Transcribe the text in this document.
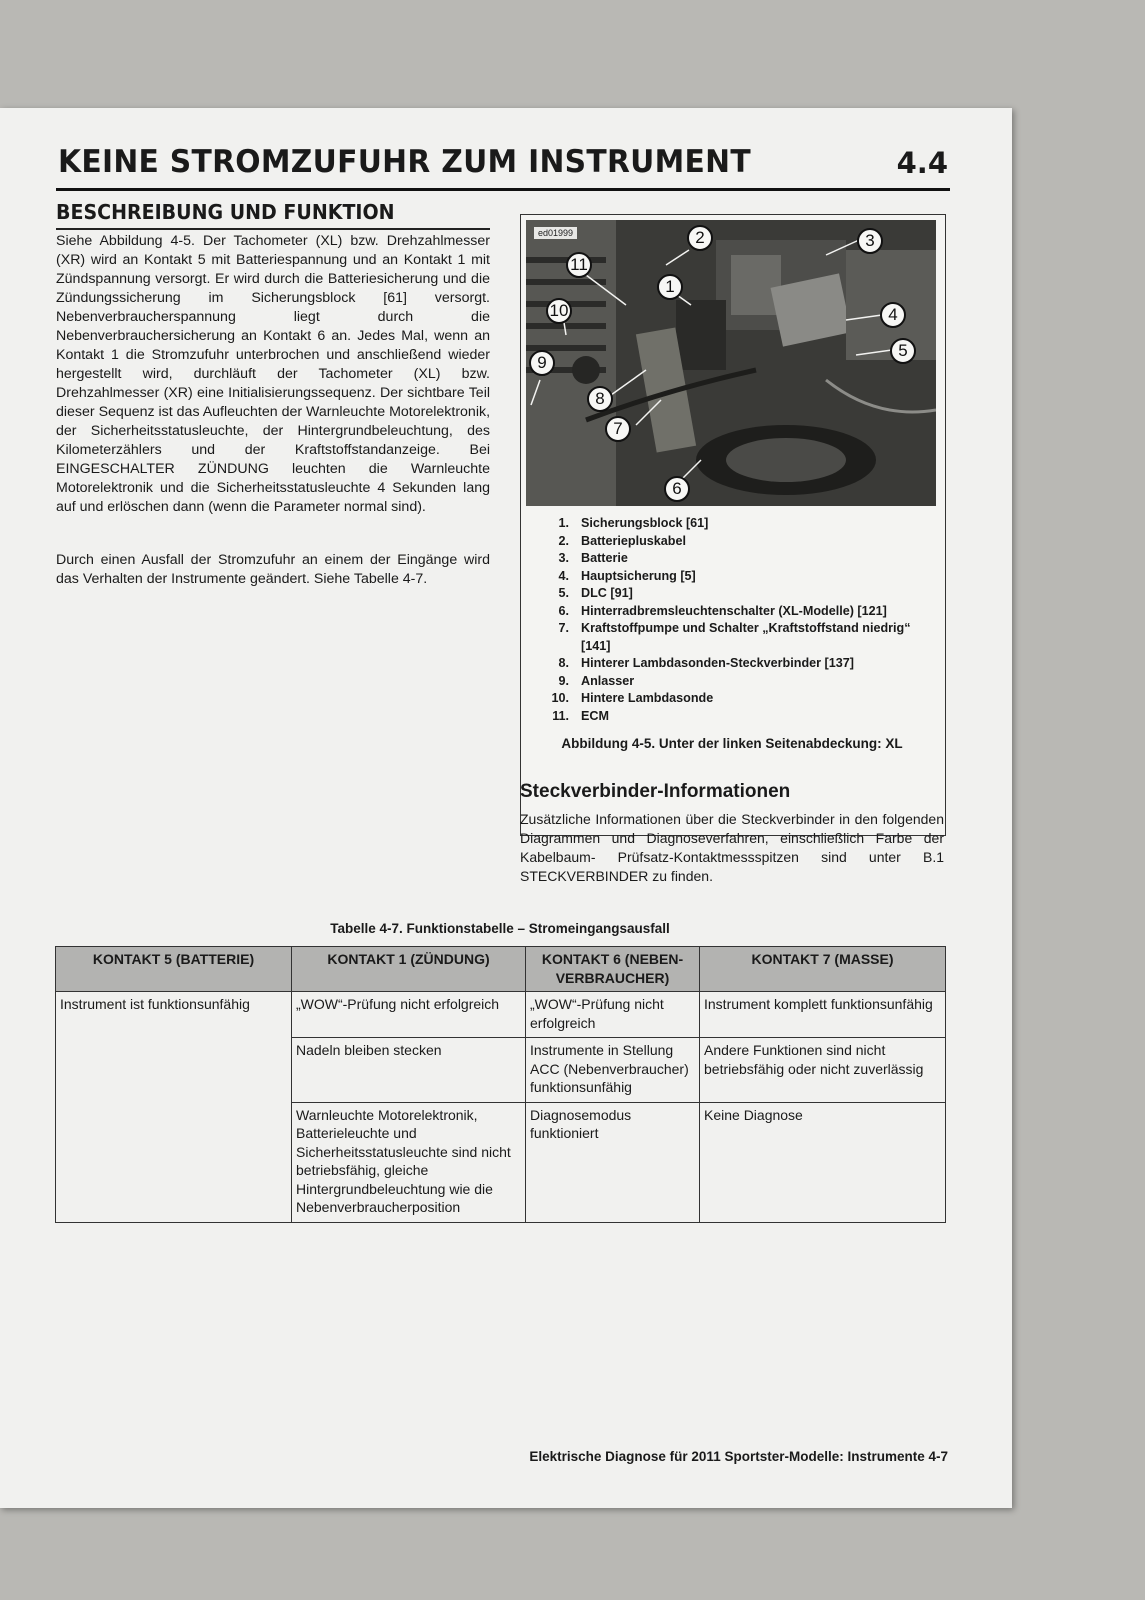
KEINE STROMZUFUHR ZUM INSTRUMENT	4.4
BESCHREIBUNG UND FUNKTION
Siehe Abbildung 4-5. Der Tachometer (XL) bzw. Drehzahlmesser (XR) wird an Kontakt 5 mit Batteriespannung und an Kontakt 1 mit Zündspannung versorgt. Er wird durch die Batteriesicherung und die Zündungssicherung im Sicherungsblock [61] versorgt. Nebenverbraucherspannung liegt durch die Nebenverbrauchersicherung an Kontakt 6 an. Jedes Mal, wenn an Kontakt 1 die Stromzufuhr unterbrochen und anschließend wieder hergestellt wird, durchläuft der Tachometer (XL) bzw. Drehzahlmesser (XR) eine Initialisierungssequenz. Der sichtbare Teil dieser Sequenz ist das Aufleuchten der Warnleuchte Motorelektronik, der Sicherheitsstatusleuchte, der Hintergrundbeleuchtung, des Kilometerzählers und der Kraftstoffstandanzeige. Bei EINGESCHALTER ZÜNDUNG leuchten die Warnleuchte Motorelektronik und die Sicherheitsstatusleuchte 4 Sekunden lang auf und erlöschen dann (wenn die Parameter normal sind).
Durch einen Ausfall der Stromzufuhr an einem der Eingänge wird das Verhalten der Instrumente geändert. Siehe Tabelle 4-7.
ed01999
1
2	3
4
5
6
7
8
9
10
11
1. Sicherungsblock [61]
2. Batteriepluskabel
3. Batterie
4. Hauptsicherung [5]
5. DLC [91]
6. Hinterradbremsleuchtenschalter (XL-Modelle) [121]
7. Kraftstoffpumpe und Schalter „Kraftstoffstand niedrig“ [141]
8. Hinterer Lambdasonden-Steckverbinder [137]
9. Anlasser
10. Hintere Lambdasonde
11. ECM
Abbildung 4-5. Unter der linken Seitenabdeckung: XL
Steckverbinder-Informationen
Zusätzliche Informationen über die Steckverbinder in den folgenden Diagrammen und Diagnoseverfahren, einschließlich Farbe der Kabelbaum- Prüfsatz-Kontaktmessspitzen sind unter B.1 STECKVERBINDER zu finden.
Tabelle 4-7. Funktionstabelle – Stromeingangsausfall
KONTAKT 5 (BATTERIE)	KONTAKT 1 (ZÜNDUNG)	KONTAKT 6 (NEBEN-VERBRAUCHER)	KONTAKT 7 (MASSE)
Instrument ist funktionsunfähig	„WOW“-Prüfung nicht erfolgreich	„WOW“-Prüfung nicht erfolgreich	Instrument komplett funktionsunfähig
	Nadeln bleiben stecken	Instrumente in Stellung ACC (Nebenverbraucher) funktionsunfähig	Andere Funktionen sind nicht betriebsfähig oder nicht zuverlässig
	Warnleuchte Motorelektronik, Batterieleuchte und Sicherheitsstatusleuchte sind nicht betriebsfähig, gleiche Hintergrundbeleuchtung wie die Nebenverbraucherposition	Diagnosemodus funktioniert	Keine Diagnose
Elektrische Diagnose für 2011 Sportster-Modelle: Instrumente 4-7
